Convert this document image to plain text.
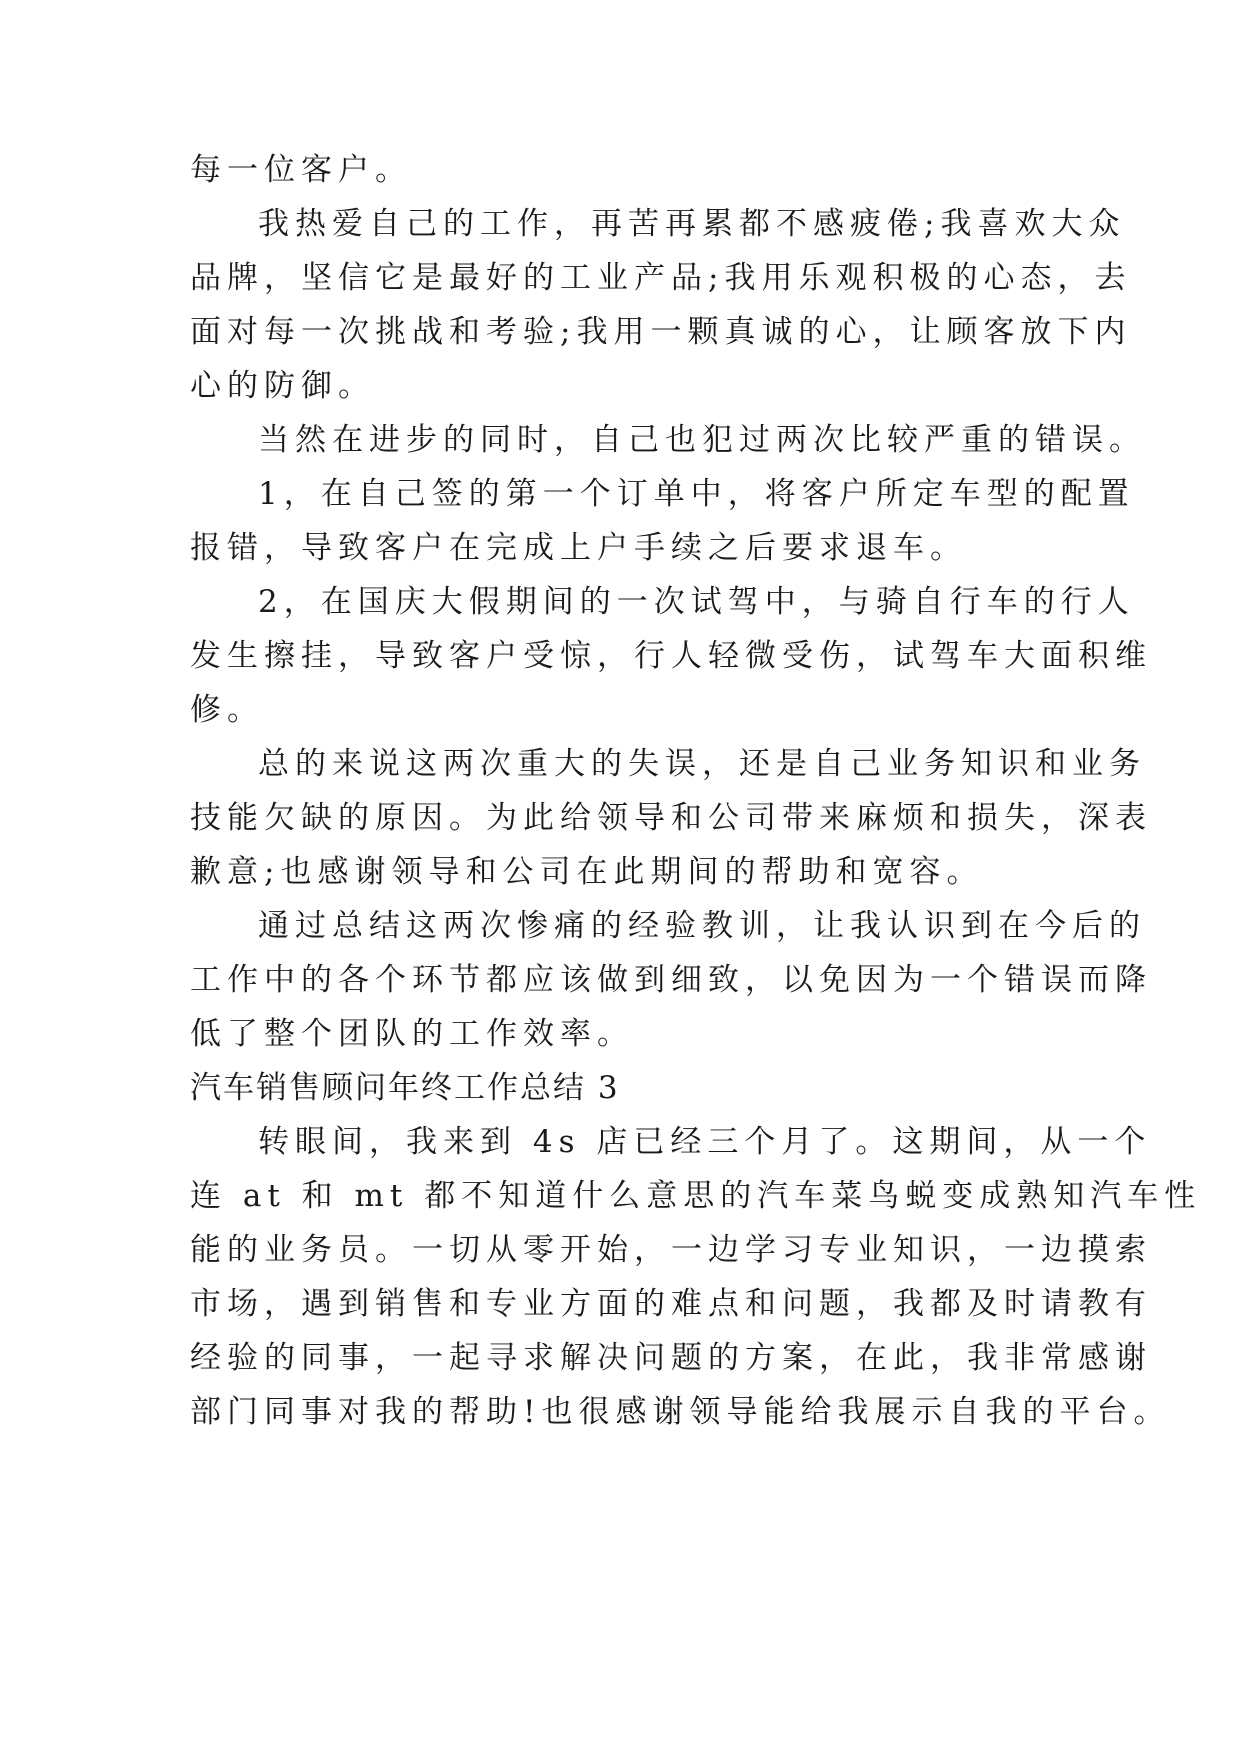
每一位客户。
我热爱自己的工作，再苦再累都不感疲倦;我喜欢大众
品牌，坚信它是最好的工业产品;我用乐观积极的心态，去
面对每一次挑战和考验;我用一颗真诚的心，让顾客放下内
心的防御。
当然在进步的同时，自己也犯过两次比较严重的错误。
1，在自己签的第一个订单中，将客户所定车型的配置
报错，导致客户在完成上户手续之后要求退车。
2，在国庆大假期间的一次试驾中，与骑自行车的行人
发生擦挂，导致客户受惊，行人轻微受伤，试驾车大面积维
修。
总的来说这两次重大的失误，还是自己业务知识和业务
技能欠缺的原因。为此给领导和公司带来麻烦和损失，深表
歉意;也感谢领导和公司在此期间的帮助和宽容。
通过总结这两次惨痛的经验教训，让我认识到在今后的
工作中的各个环节都应该做到细致，以免因为一个错误而降
低了整个团队的工作效率。
汽车销售顾问年终工作总结 3
转眼间，我来到 4s 店已经三个月了。这期间，从一个
连 at 和 mt 都不知道什么意思的汽车菜鸟蜕变成熟知汽车性
能的业务员。一切从零开始，一边学习专业知识，一边摸索
市场，遇到销售和专业方面的难点和问题，我都及时请教有
经验的同事，一起寻求解决问题的方案，在此，我非常感谢
部门同事对我的帮助!也很感谢领导能给我展示自我的平台。
